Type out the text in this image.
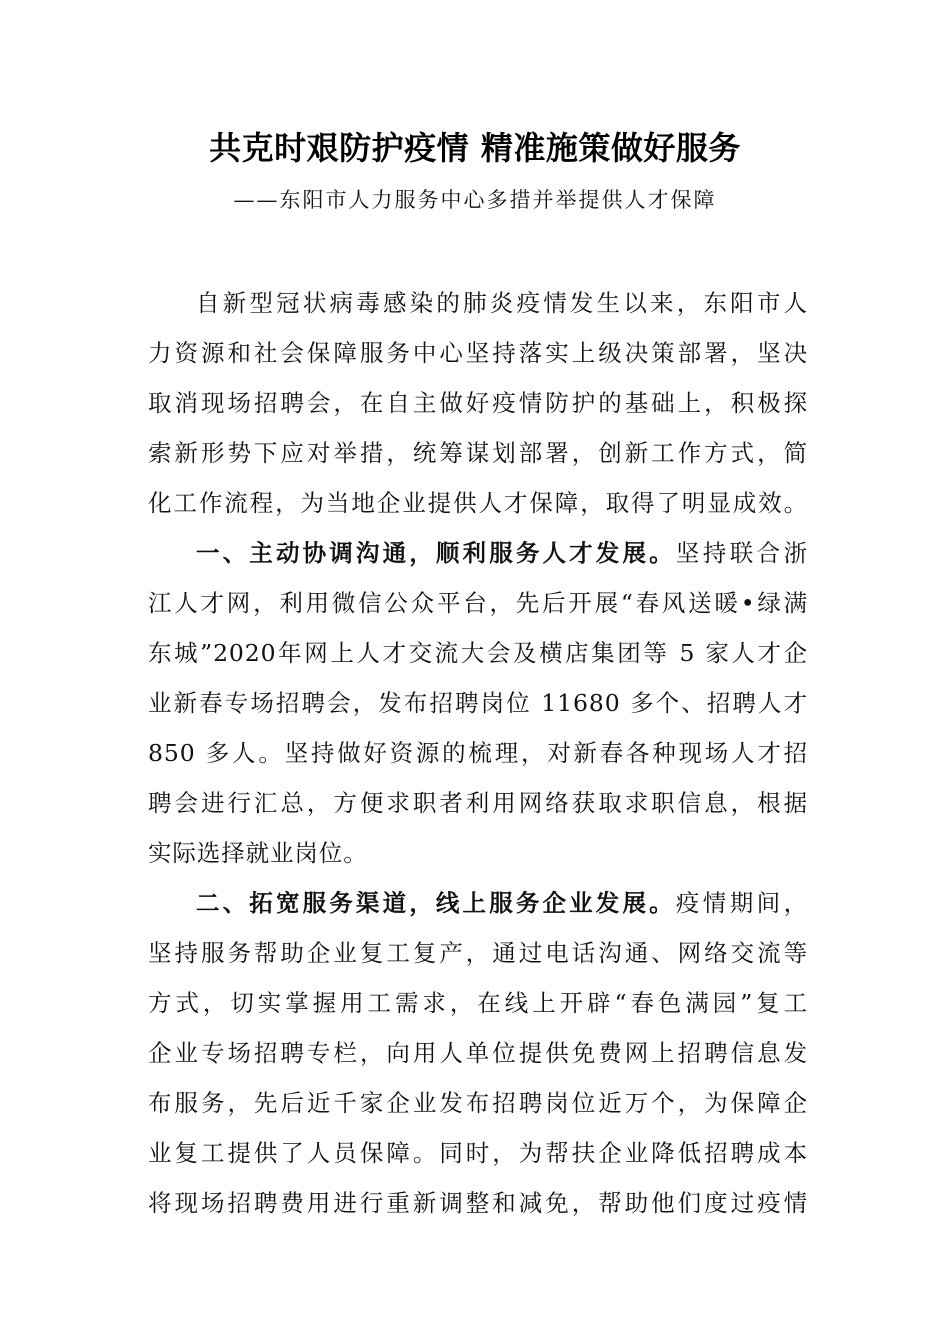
共克时艰防护疫情 精准施策做好服务
——东阳市人力服务中心多措并举提供人才保障
自新型冠状病毒感染的肺炎疫情发生以来，东阳市人
力资源和社会保障服务中心坚持落实上级决策部署，坚决
取消现场招聘会，在自主做好疫情防护的基础上，积极探
索新形势下应对举措，统筹谋划部署，创新工作方式，简
化工作流程，为当地企业提供人才保障，取得了明显成效。
一、主动协调沟通，顺利服务人才发展。坚持联合浙
江人才网，利用微信公众平台，先后开展“春风送暖•绿满
东城”2020年网上人才交流大会及横店集团等 5 家人才企
业新春专场招聘会，发布招聘岗位 11680 多个、招聘人才
850 多人。坚持做好资源的梳理，对新春各种现场人才招
聘会进行汇总，方便求职者利用网络获取求职信息，根据
实际选择就业岗位。
二、拓宽服务渠道，线上服务企业发展。疫情期间，
坚持服务帮助企业复工复产，通过电话沟通、网络交流等
方式，切实掌握用工需求，在线上开辟“春色满园”复工
企业专场招聘专栏，向用人单位提供免费网上招聘信息发
布服务，先后近千家企业发布招聘岗位近万个，为保障企
业复工提供了人员保障。同时，为帮扶企业降低招聘成本
将现场招聘费用进行重新调整和减免，帮助他们度过疫情
